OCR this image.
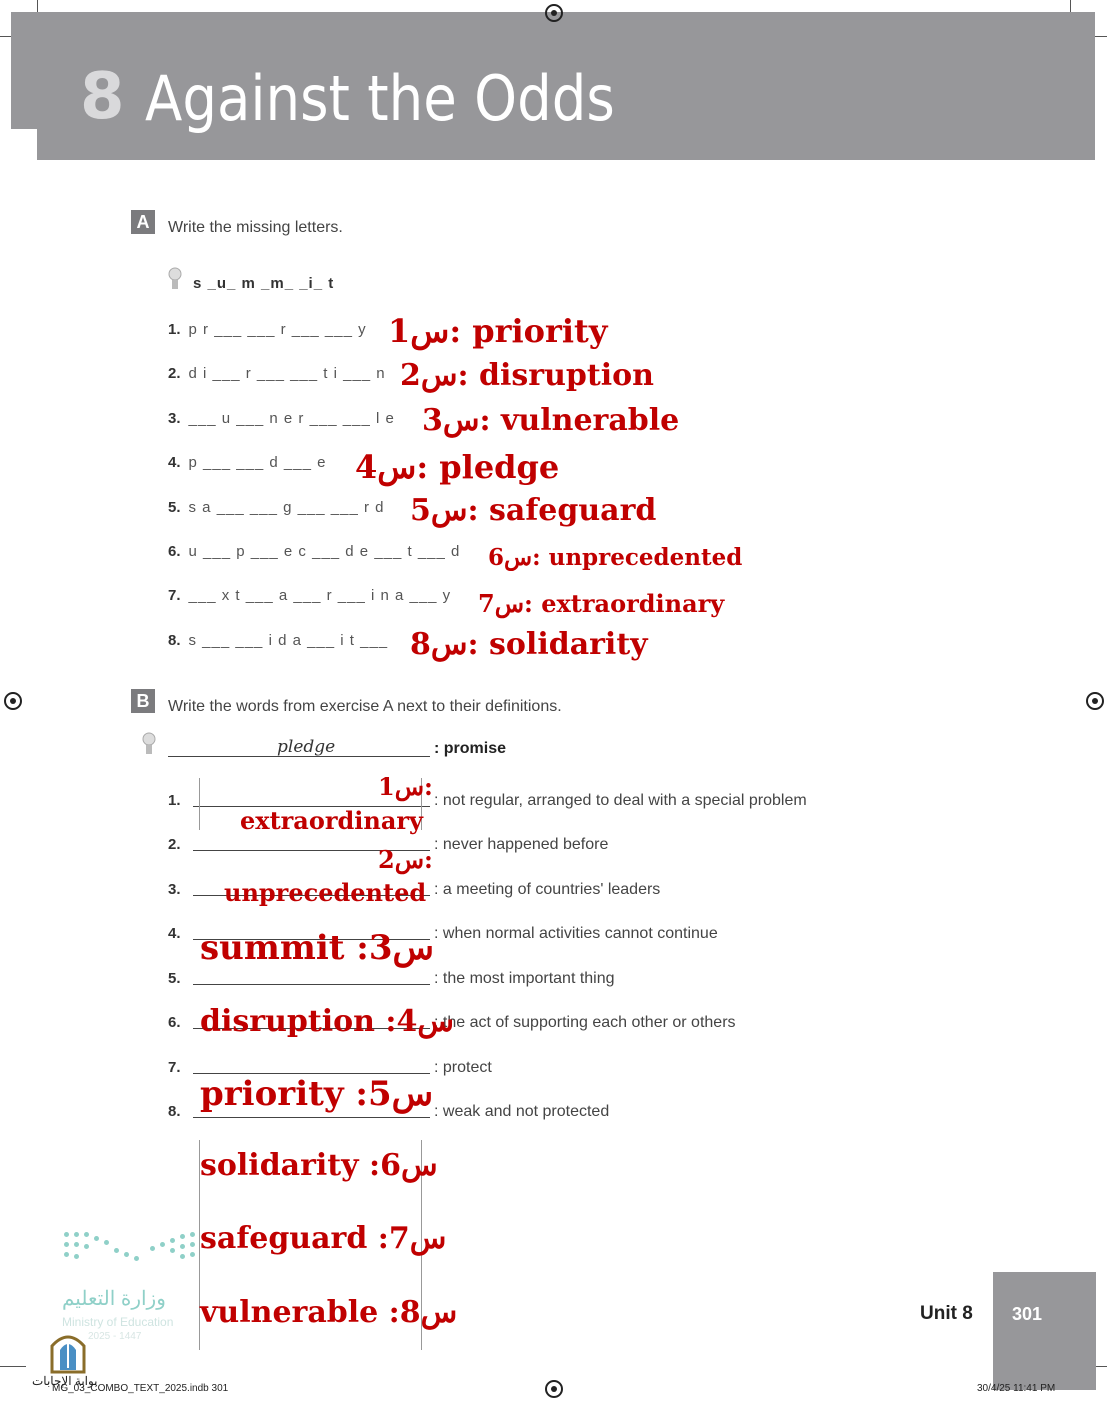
8 Against the Odds
A	Write the missing letters.
s _u_ m _m_ _i_ t
1. p r ___ ___ r ___ ___ y
2. d i ___ r ___ ___ t i ___ n
3. ___ u ___ n e r ___ ___ l e
4. p ___ ___ d ___ e
5. s a ___ ___ g ___ ___ r d
6. u ___ p ___ e c ___ d e ___ t ___ d
7. ___ x t ___ a ___ r ___ i n a ___ y
8. s ___ ___ i d a ___ i t ___
س1: priority
س2: disruption
س3: vulnerable
س4: pledge
س5: safeguard
س6: unprecedented
س7: extraordinary
س8: solidarity
B	Write the words from exercise A next to their definitions.
pledge	: promise
1.	: not regular, arranged to deal with a special problem
2.	: never happened before
3.	: a meeting of countries' leaders
4.	: when normal activities cannot continue
5.	: the most important thing
6.	: the act of supporting each other or others
7.	: protect
8.	: weak and not protected
س1:
extraordinary
س2:
unprecedented
summit :3س
disruption :4س
priority :5س
solidarity :6س
safeguard :7س
vulnerable :8س
وزارة التعليم
Ministry of Education
2025 - 1447
بوابة الإجابات
301
Unit 8
MG_03_COMBO_TEXT_2025.indb 301	30/4/25 11:41 PM
